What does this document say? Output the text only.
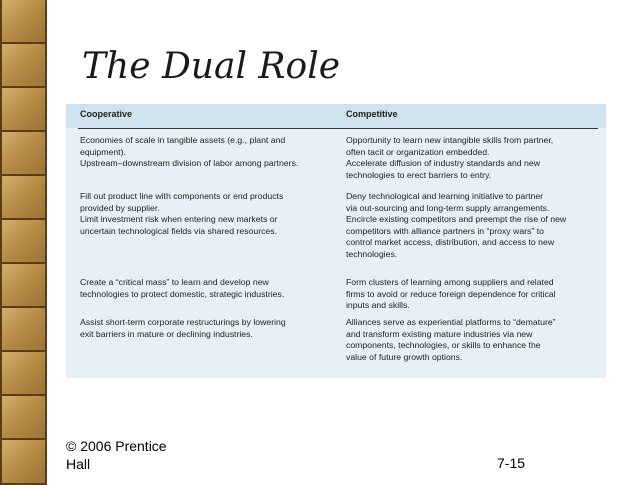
The Dual Role
Cooperative	Competitive
Economies of scale in tangible assets (e.g., plant and
equipment).
Upstream–downstream division of labor among partners.
Fill out product line with components or end products
provided by supplier.
Limit investment risk when entering new markets or
uncertain technological fields via shared resources.
Create a “critical mass” to learn and develop new
technologies to protect domestic, strategic industries.
Assist short-term corporate restructurings by lowering
exit barriers in mature or declining industries.
Opportunity to learn new intangible skills from partner,
often tacit or organization embedded.
Accelerate diffusion of industry standards and new
technologies to erect barriers to entry.
Deny technological and learning initiative to partner
via out-sourcing and long-term supply arrangements.
Encircle existing competitors and preempt the rise of new
competitors with alliance partners in “proxy wars” to
control market access, distribution, and access to new
technologies.
Form clusters of learning among suppliers and related
firms to avoid or reduce foreign dependence for critical
inputs and skills.
Alliances serve as experiential platforms to “demature”
and transform existing mature industries via new
components, technologies, or skills to enhance the
value of future growth options.
© 2006 Prentice
Hall	7-15
